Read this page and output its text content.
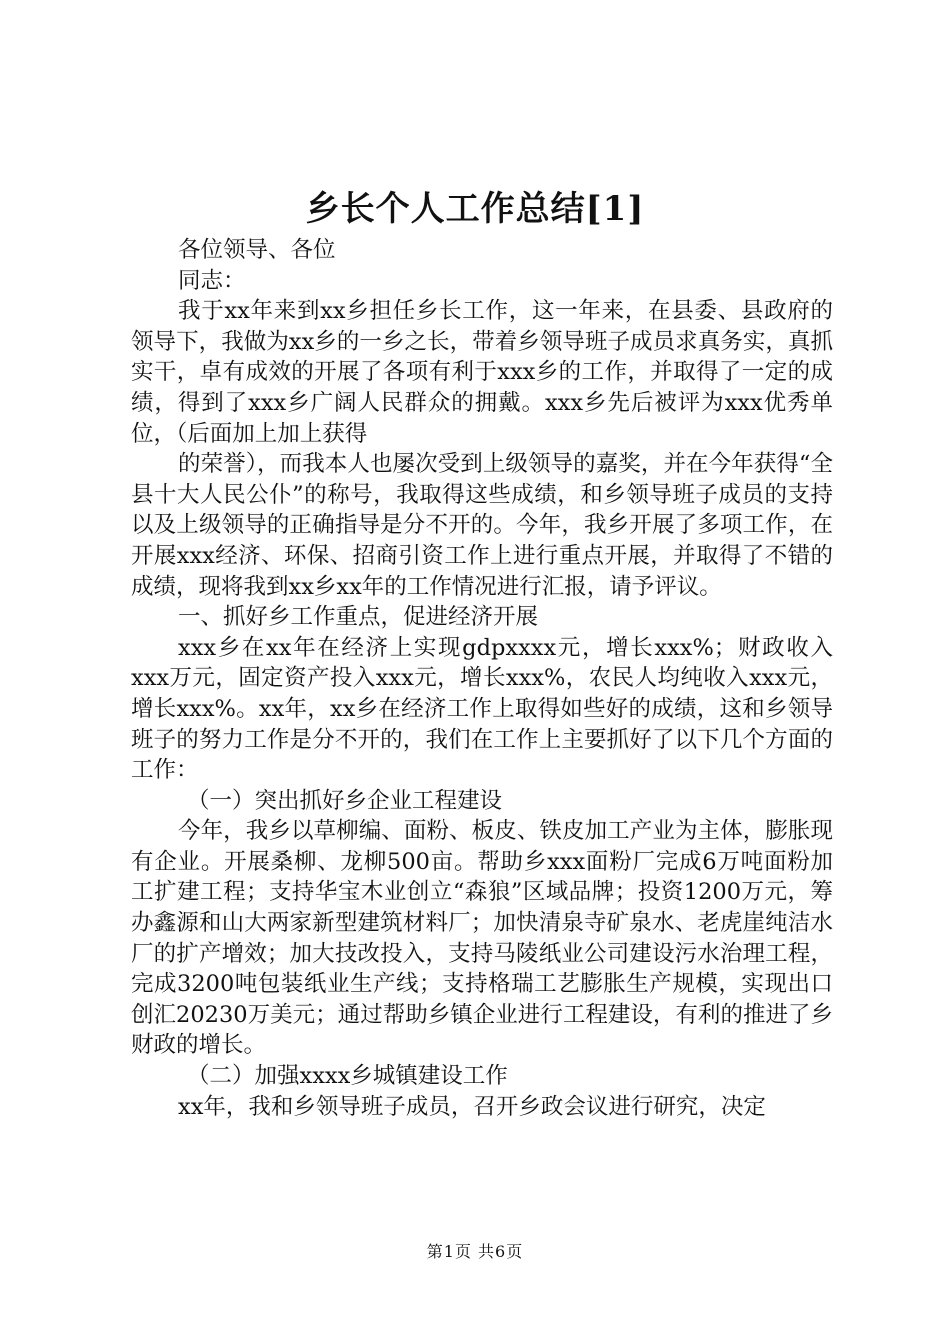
乡长个人工作总结[1]

各位领导、各位

同志：

我于xx年来到xx乡担任乡长工作，这一年来，在县委、县政府的领导下，我做为xx乡的一乡之长，带着乡领导班子成员求真务实，真抓实干，卓有成效的开展了各项有利于xxx乡的工作，并取得了一定的成绩，得到了xxx乡广阔人民群众的拥戴。xxx乡先后被评为xxx优秀单位，（后面加上加上获得

的荣誉），而我本人也屡次受到上级领导的嘉奖，并在今年获得“全县十大人民公仆”的称号，我取得这些成绩，和乡领导班子成员的支持以及上级领导的正确指导是分不开的。今年，我乡开展了多项工作，在开展xxx经济、环保、招商引资工作上进行重点开展，并取得了不错的成绩，现将我到xx乡xx年的工作情况进行汇报，请予评议。

一、抓好乡工作重点，促进经济开展

xxx乡在xx年在经济上实现gdpxxxx元，增长xxx%；财政收入xxx万元，固定资产投入xxx元，增长xxx%，农民人均纯收入xxx元，增长xxx%。xx年，xx乡在经济工作上取得如些好的成绩，这和乡领导班子的努力工作是分不开的，我们在工作上主要抓好了以下几个方面的工作：

（一）突出抓好乡企业工程建设

今年，我乡以草柳编、面粉、板皮、铁皮加工产业为主体，膨胀现有企业。开展桑柳、龙柳500亩。帮助乡xxx面粉厂完成6万吨面粉加工扩建工程；支持华宝木业创立“森狼”区域品牌；投资1200万元，筹办鑫源和山大两家新型建筑材料厂；加快清泉寺矿泉水、老虎崖纯洁水厂的扩产增效；加大技改投入，支持马陵纸业公司建设污水治理工程，完成3200吨包装纸业生产线；支持格瑞工艺膨胀生产规模，实现出口创汇20230万美元；通过帮助乡镇企业进行工程建设，有利的推进了乡财政的增长。

（二）加强xxxx乡城镇建设工作

xx年，我和乡领导班子成员，召开乡政会议进行研究，决定

第1页 共6页
